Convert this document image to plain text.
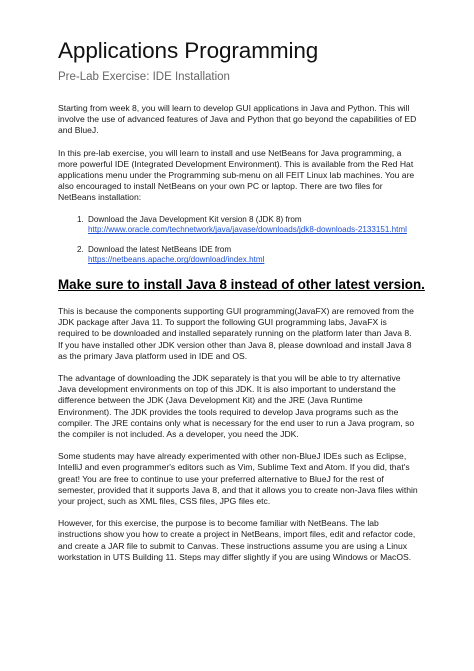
Applications Programming
Pre-Lab Exercise: IDE Installation

Starting from week 8, you will learn to develop GUI applications in Java and Python. This will involve the use of advanced features of Java and Python that go beyond the capabilities of ED and BlueJ.

In this pre-lab exercise, you will learn to install and use NetBeans for Java programming, a more powerful IDE (Integrated Development Environment). This is available from the Red Hat applications menu under the Programming sub-menu on all FEIT Linux lab machines. You are also encouraged to install NetBeans on your own PC or laptop. There are two files for NetBeans installation:

1. Download the Java Development Kit version 8 (JDK 8) from
http://www.oracle.com/technetwork/java/javase/downloads/jdk8-downloads-2133151.html
2. Download the latest NetBeans IDE from
https://netbeans.apache.org/download/index.html
Make sure to install Java 8 instead of other latest version.

This is because the components supporting GUI programming(JavaFX) are removed from the JDK package after Java 11. To support the following GUI programming labs, JavaFX is required to be downloaded and installed separately running on the platform later than Java 8. If you have installed other JDK version other than Java 8, please download and install Java 8 as the primary Java platform used in IDE and OS.

The advantage of downloading the JDK separately is that you will be able to try alternative Java development environments on top of this JDK. It is also important to understand the difference between the JDK (Java Development Kit) and the JRE (Java Runtime Environment). The JDK provides the tools required to develop Java programs such as the compiler. The JRE contains only what is necessary for the end user to run a Java program, so the compiler is not included. As a developer, you need the JDK.

Some students may have already experimented with other non-BlueJ IDEs such as Eclipse, IntelliJ and even programmer's editors such as Vim, Sublime Text and Atom. If you did, that's great! You are free to continue to use your preferred alternative to BlueJ for the rest of semester, provided that it supports Java 8, and that it allows you to create non-Java files within your project, such as XML files, CSS files, JPG files etc.

However, for this exercise, the purpose is to become familiar with NetBeans. The lab instructions show you how to create a project in NetBeans, import files, edit and refactor code, and create a JAR file to submit to Canvas. These instructions assume you are using a Linux workstation in UTS Building 11. Steps may differ slightly if you are using Windows or MacOS.
